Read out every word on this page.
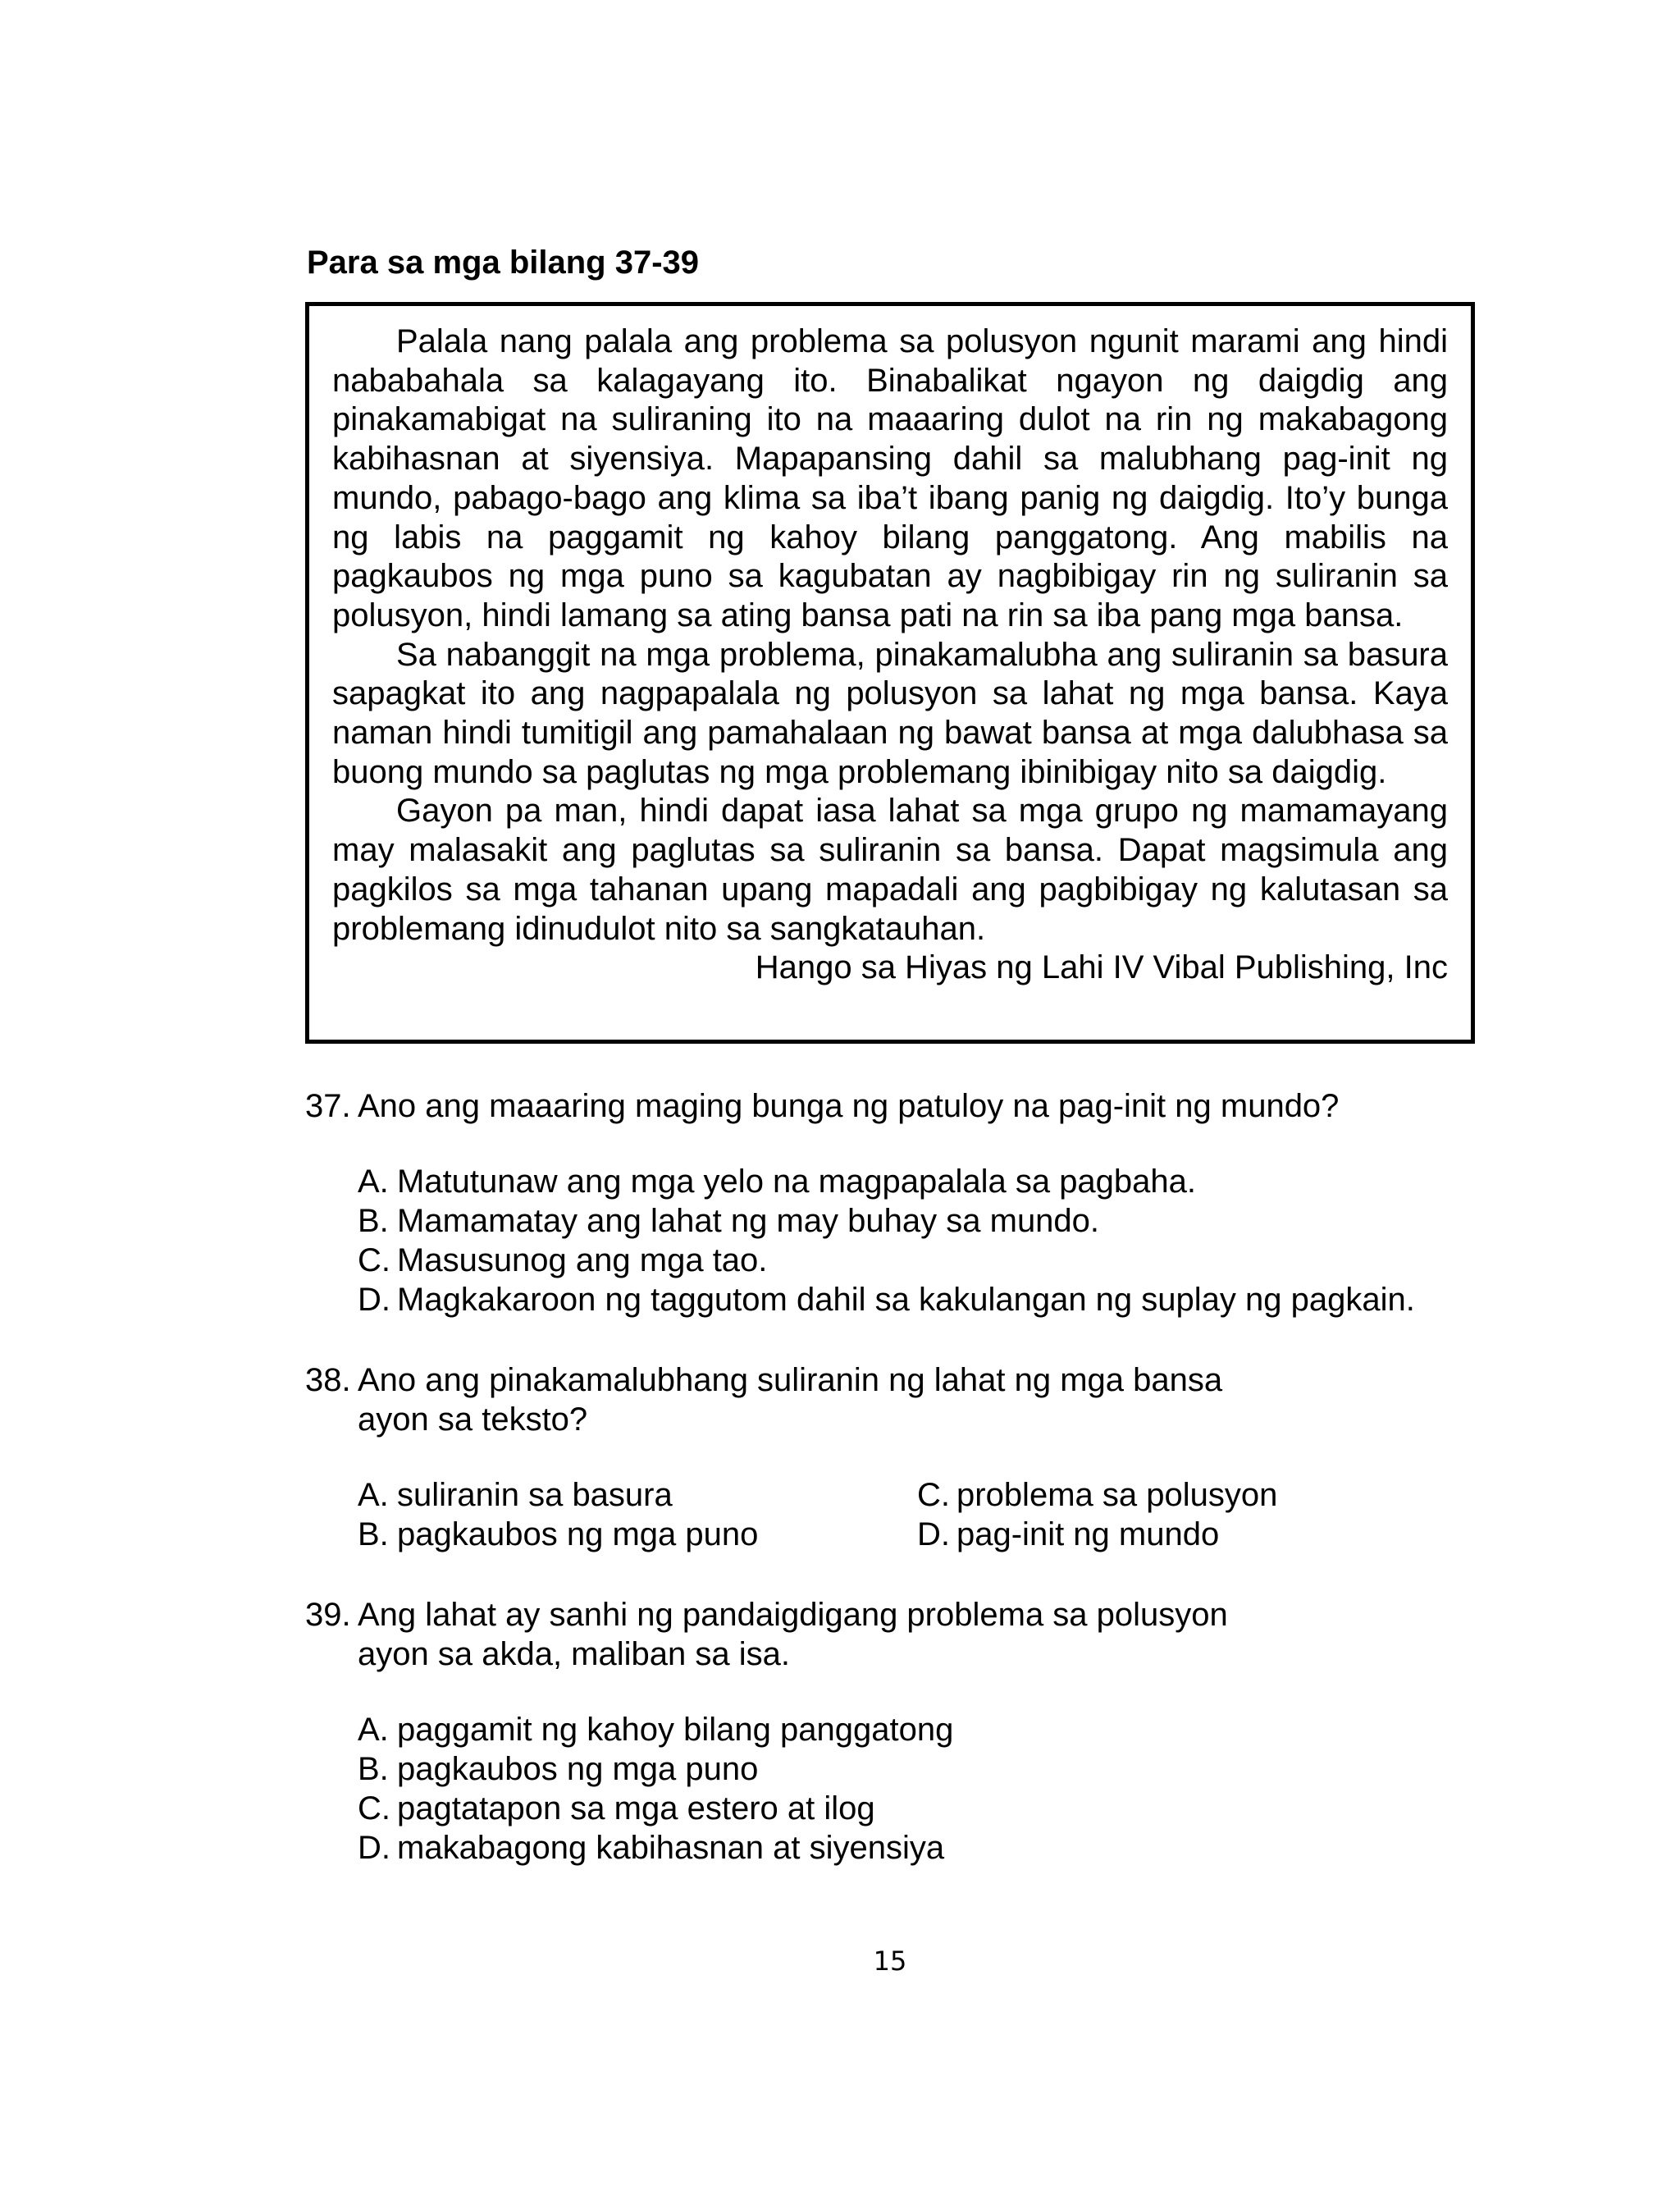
Para sa mga bilang 37-39

Palala nang palala ang problema sa polusyon ngunit marami ang hindi nababahala sa kalagayang ito. Binabalikat ngayon ng daigdig ang pinakamabigat na suliraning ito na maaaring dulot na rin ng makabagong kabihasnan at siyensiya. Mapapansing dahil sa malubhang pag-init ng mundo, pabago-bago ang klima sa iba’t ibang panig ng daigdig. Ito’y bunga ng labis na paggamit ng kahoy bilang panggatong. Ang mabilis na pagkaubos ng mga puno sa kagubatan ay nagbibigay rin ng suliranin sa polusyon, hindi lamang sa ating bansa pati na rin sa iba pang mga bansa.

Sa nabanggit na mga problema, pinakamalubha ang suliranin sa basura sapagkat ito ang nagpapalala ng polusyon sa lahat ng mga bansa. Kaya naman hindi tumitigil ang pamahalaan ng bawat bansa at mga dalubhasa sa buong mundo sa paglutas ng mga problemang ibinibigay nito sa daigdig.

Gayon pa man, hindi dapat iasa lahat sa mga grupo ng mamamayang may malasakit ang paglutas sa suliranin sa bansa. Dapat magsimula ang pagkilos sa mga tahanan upang mapadali ang pagbibigay ng kalutasan sa problemang idinudulot nito sa sangkatauhan.

Hango sa Hiyas ng Lahi IV Vibal Publishing, Inc

37. Ano ang maaaring maging bunga ng patuloy na pag-init ng mundo?
A. Matutunaw ang mga yelo na magpapalala sa pagbaha.
B. Mamamatay ang lahat ng may buhay sa mundo.
C. Masusunog ang mga tao.
D. Magkakaroon ng taggutom dahil sa kakulangan ng suplay ng pagkain.
38. Ano ang pinakamalubhang suliranin ng lahat ng mga bansa
ayon sa teksto?
A. suliranin sa basura	C. problema sa polusyon
B. pagkaubos ng mga puno	D. pag-init ng mundo
39. Ang lahat ay sanhi ng pandaigdigang problema sa polusyon
ayon sa akda, maliban sa isa.
A. paggamit ng kahoy bilang panggatong
B. pagkaubos ng mga puno
C. pagtatapon sa mga estero at ilog
D. makabagong kabihasnan at siyensiya
15
